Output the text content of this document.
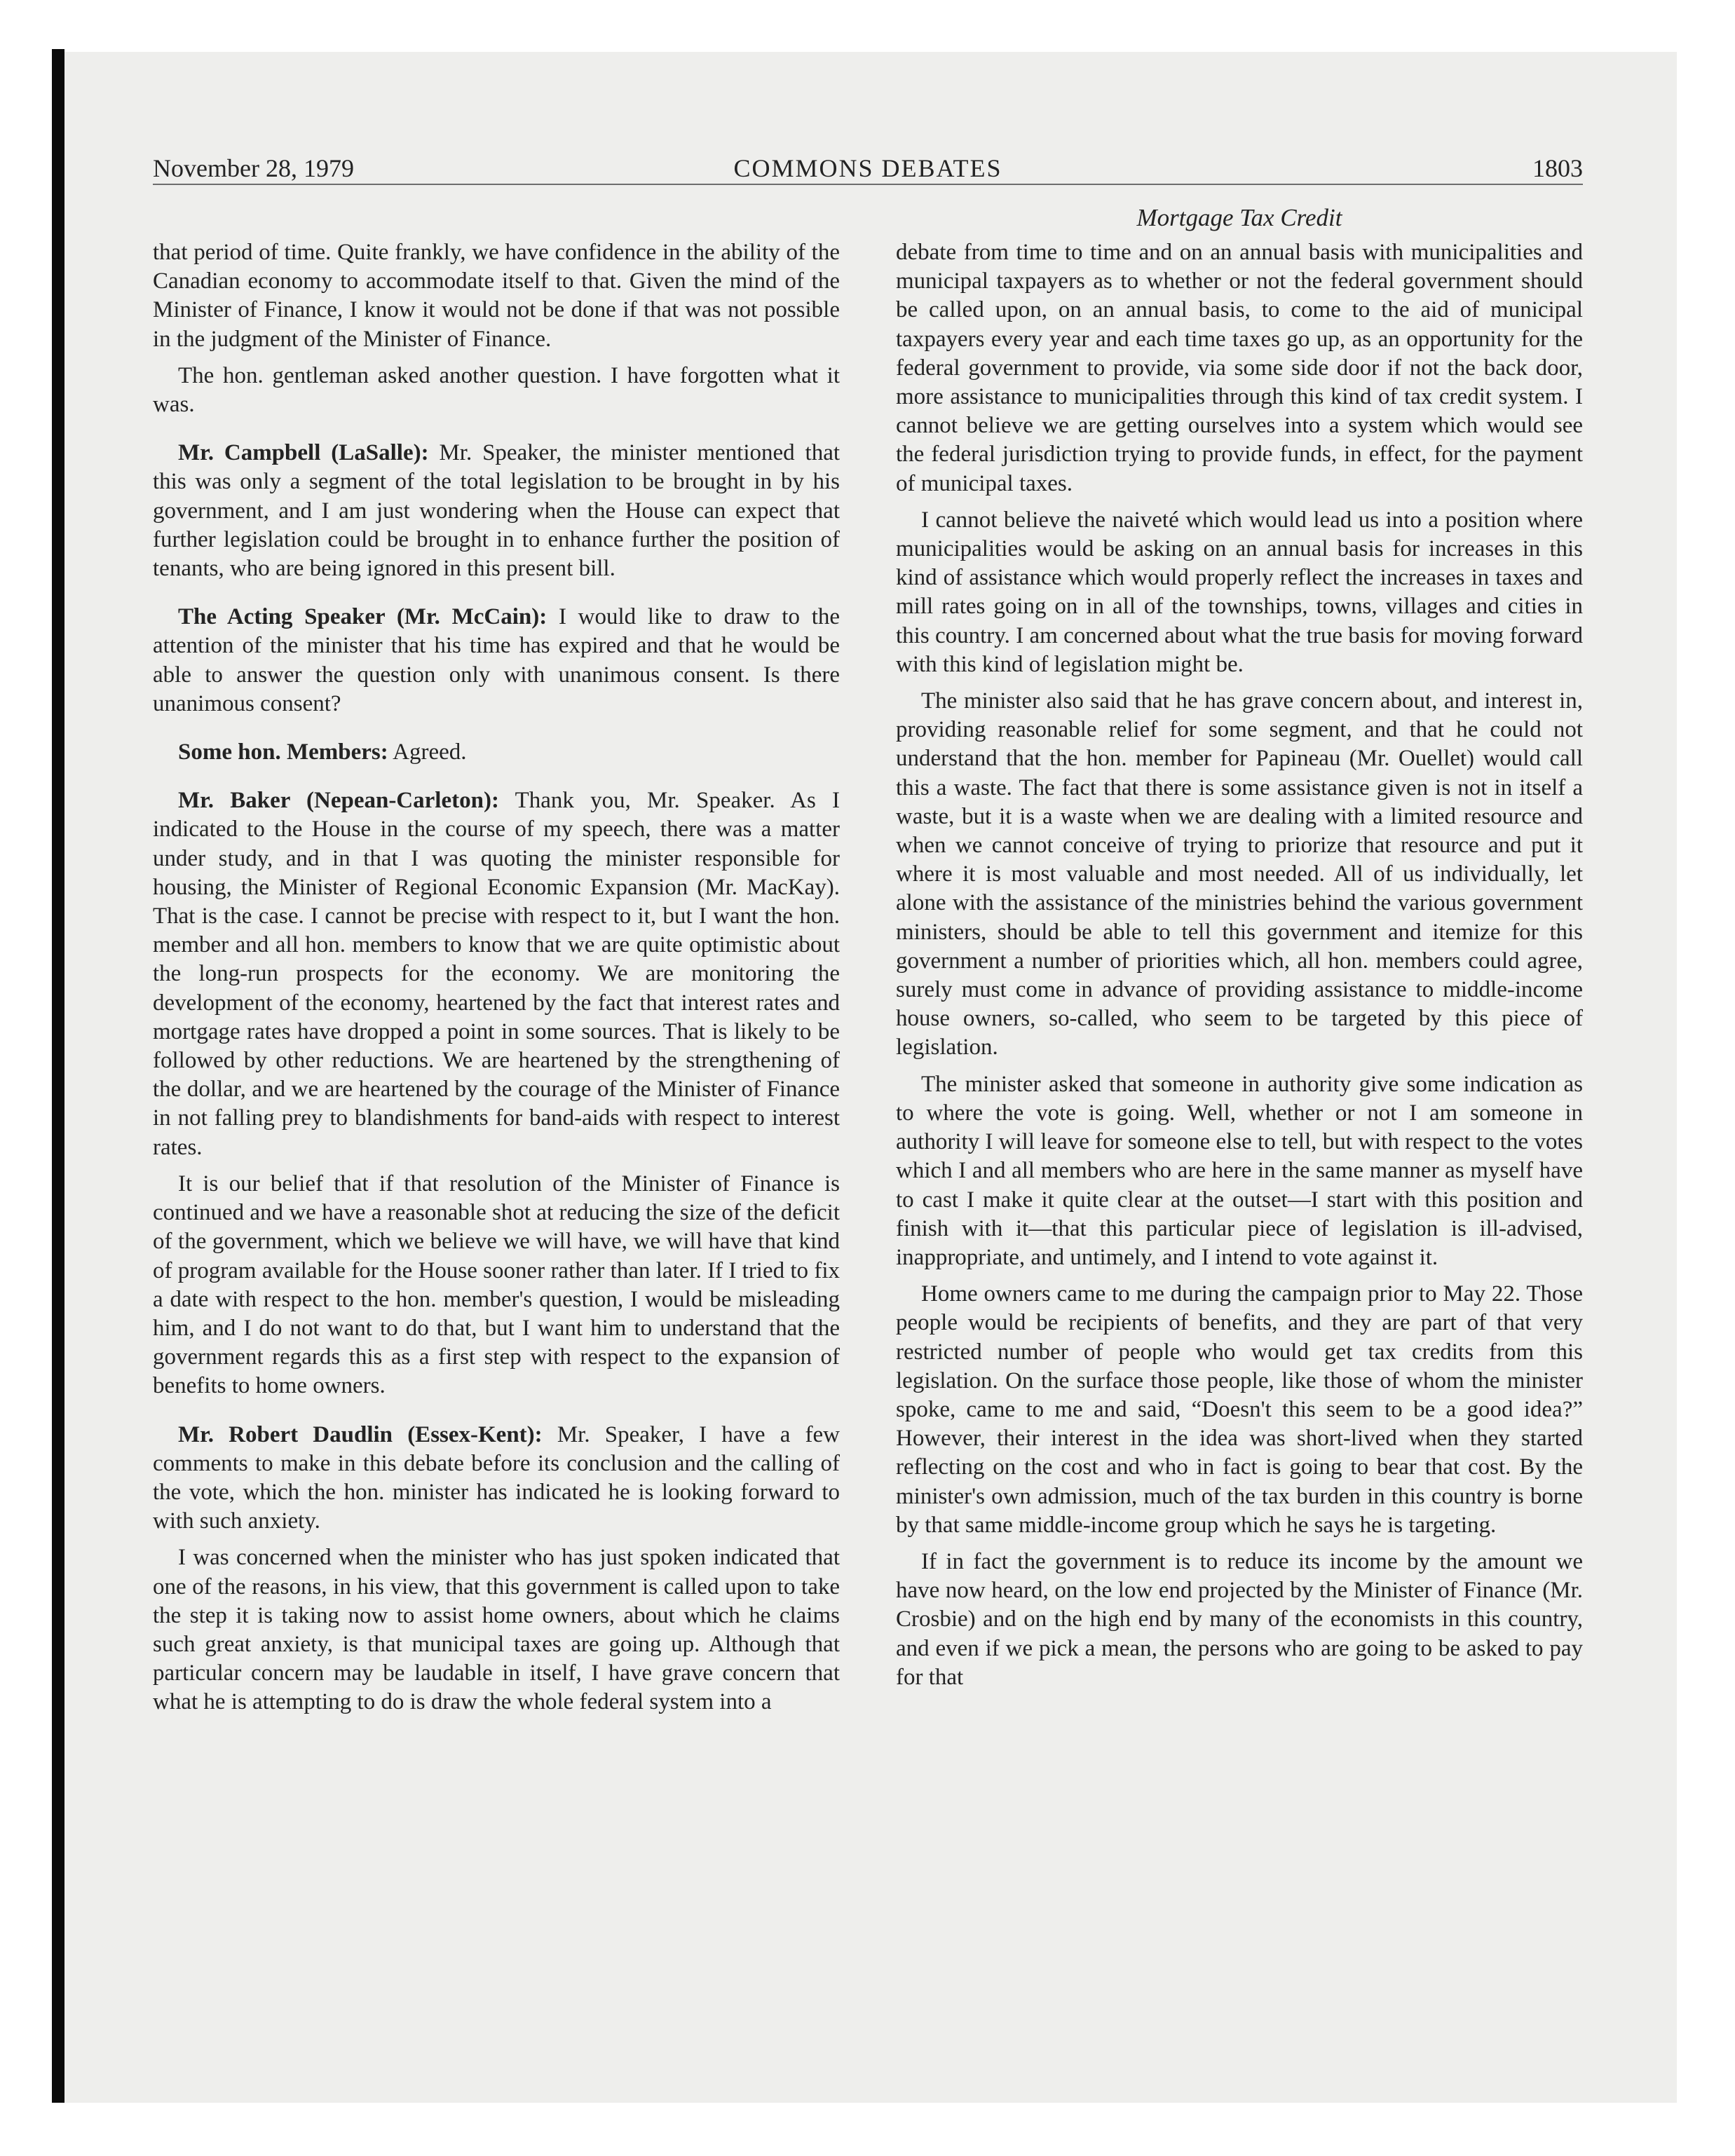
November 28, 1979	COMMONS DEBATES	1803

that period of time. Quite frankly, we have confidence in the ability of the Canadian economy to accommodate itself to that. Given the mind of the Minister of Finance, I know it would not be done if that was not possible in the judgment of the Minister of Finance.

The hon. gentleman asked another question. I have forgotten what it was.

Mr. Campbell (LaSalle): Mr. Speaker, the minister mentioned that this was only a segment of the total legislation to be brought in by his government, and I am just wondering when the House can expect that further legislation could be brought in to enhance further the position of tenants, who are being ignored in this present bill.

The Acting Speaker (Mr. McCain): I would like to draw to the attention of the minister that his time has expired and that he would be able to answer the question only with unanimous consent. Is there unanimous consent?

Some hon. Members: Agreed.

Mr. Baker (Nepean-Carleton): Thank you, Mr. Speaker. As I indicated to the House in the course of my speech, there was a matter under study, and in that I was quoting the minister responsible for housing, the Minister of Regional Economic Expansion (Mr. MacKay). That is the case. I cannot be precise with respect to it, but I want the hon. member and all hon. members to know that we are quite optimistic about the long-run prospects for the economy. We are monitoring the development of the economy, heartened by the fact that interest rates and mortgage rates have dropped a point in some sources. That is likely to be followed by other reductions. We are heartened by the strengthening of the dollar, and we are heartened by the courage of the Minister of Finance in not falling prey to blandishments for band-aids with respect to interest rates.

It is our belief that if that resolution of the Minister of Finance is continued and we have a reasonable shot at reducing the size of the deficit of the government, which we believe we will have, we will have that kind of program available for the House sooner rather than later. If I tried to fix a date with respect to the hon. member's question, I would be misleading him, and I do not want to do that, but I want him to understand that the government regards this as a first step with respect to the expansion of benefits to home owners.

Mr. Robert Daudlin (Essex-Kent): Mr. Speaker, I have a few comments to make in this debate before its conclusion and the calling of the vote, which the hon. minister has indicated he is looking forward to with such anxiety.

I was concerned when the minister who has just spoken indicated that one of the reasons, in his view, that this government is called upon to take the step it is taking now to assist home owners, about which he claims such great anxiety, is that municipal taxes are going up. Although that particular concern may be laudable in itself, I have grave concern that what he is attempting to do is draw the whole federal system into a

Mortgage Tax Credit

debate from time to time and on an annual basis with municipalities and municipal taxpayers as to whether or not the federal government should be called upon, on an annual basis, to come to the aid of municipal taxpayers every year and each time taxes go up, as an opportunity for the federal government to provide, via some side door if not the back door, more assistance to municipalities through this kind of tax credit system. I cannot believe we are getting ourselves into a system which would see the federal jurisdiction trying to provide funds, in effect, for the payment of municipal taxes.

I cannot believe the naiveté which would lead us into a position where municipalities would be asking on an annual basis for increases in this kind of assistance which would properly reflect the increases in taxes and mill rates going on in all of the townships, towns, villages and cities in this country. I am concerned about what the true basis for moving forward with this kind of legislation might be.

The minister also said that he has grave concern about, and interest in, providing reasonable relief for some segment, and that he could not understand that the hon. member for Papineau (Mr. Ouellet) would call this a waste. The fact that there is some assistance given is not in itself a waste, but it is a waste when we are dealing with a limited resource and when we cannot conceive of trying to priorize that resource and put it where it is most valuable and most needed. All of us individually, let alone with the assistance of the ministries behind the various government ministers, should be able to tell this government and itemize for this government a number of priorities which, all hon. members could agree, surely must come in advance of providing assistance to middle-income house owners, so-called, who seem to be targeted by this piece of legislation.

The minister asked that someone in authority give some indication as to where the vote is going. Well, whether or not I am someone in authority I will leave for someone else to tell, but with respect to the votes which I and all members who are here in the same manner as myself have to cast I make it quite clear at the outset—I start with this position and finish with it—that this particular piece of legislation is ill-advised, inappropriate, and untimely, and I intend to vote against it.

Home owners came to me during the campaign prior to May 22. Those people would be recipients of benefits, and they are part of that very restricted number of people who would get tax credits from this legislation. On the surface those people, like those of whom the minister spoke, came to me and said, “Doesn't this seem to be a good idea?” However, their interest in the idea was short-lived when they started reflecting on the cost and who in fact is going to bear that cost. By the minister's own admission, much of the tax burden in this country is borne by that same middle-income group which he says he is targeting.

If in fact the government is to reduce its income by the amount we have now heard, on the low end projected by the Minister of Finance (Mr. Crosbie) and on the high end by many of the economists in this country, and even if we pick a mean, the persons who are going to be asked to pay for that
